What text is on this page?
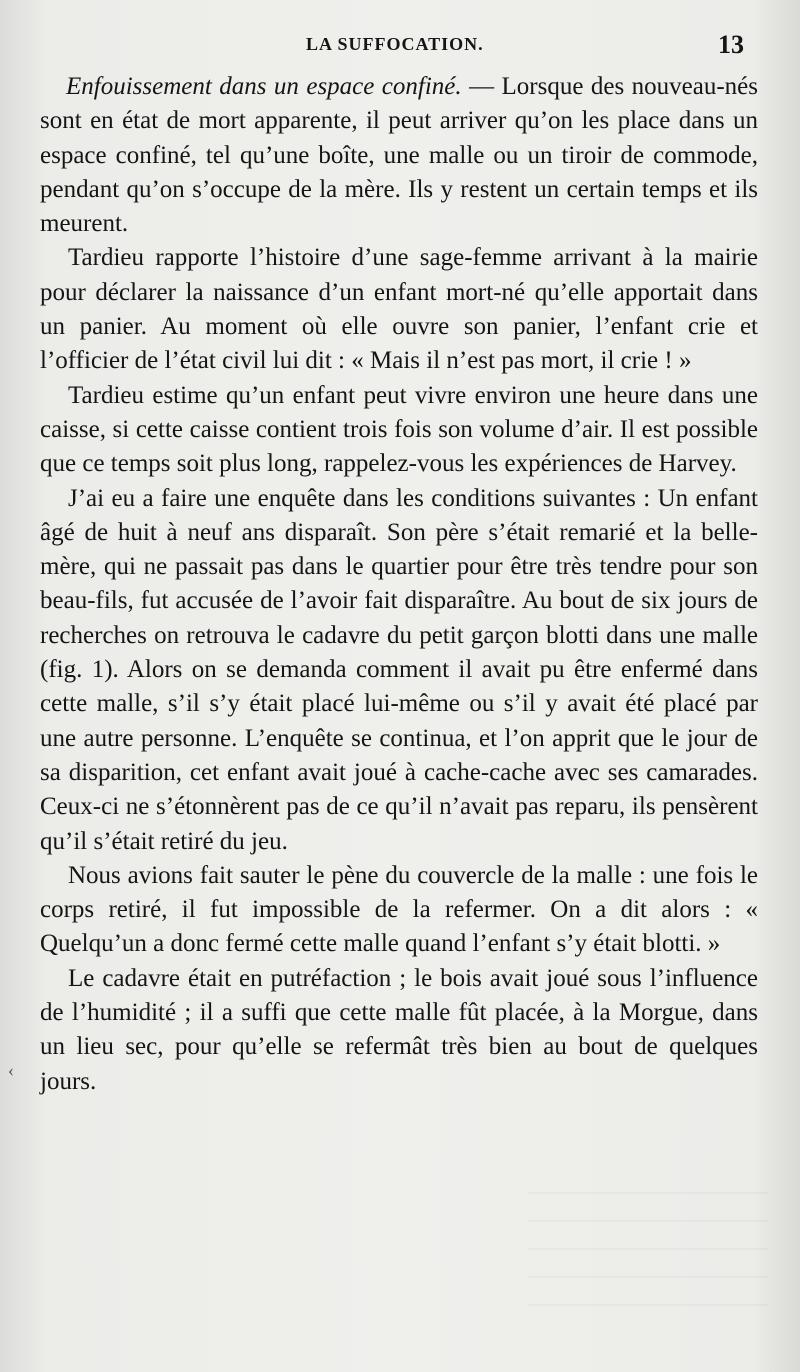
LA SUFFOCATION.	13

Enfouissement dans un espace confiné. — Lorsque des nouveau-nés sont en état de mort apparente, il peut arriver qu’on les place dans un espace confiné, tel qu’une boîte, une malle ou un tiroir de commode, pendant qu’on s’occupe de la mère. Ils y restent un certain temps et ils meurent.

Tardieu rapporte l’histoire d’une sage-femme arrivant à la mairie pour déclarer la naissance d’un enfant mort-né qu’elle apportait dans un panier. Au moment où elle ouvre son panier, l’enfant crie et l’officier de l’état civil lui dit : « Mais il n’est pas mort, il crie ! »

Tardieu estime qu’un enfant peut vivre environ une heure dans une caisse, si cette caisse contient trois fois son volume d’air. Il est possible que ce temps soit plus long, rappelez-vous les expériences de Harvey.

J’ai eu a faire une enquête dans les conditions suivantes : Un enfant âgé de huit à neuf ans disparaît. Son père s’était remarié et la belle-mère, qui ne passait pas dans le quartier pour être très tendre pour son beau-fils, fut accusée de l’avoir fait disparaître. Au bout de six jours de recherches on retrouva le cadavre du petit garçon blotti dans une malle (fig. 1). Alors on se demanda comment il avait pu être enfermé dans cette malle, s’il s’y était placé lui-même ou s’il y avait été placé par une autre personne. L’enquête se continua, et l’on apprit que le jour de sa disparition, cet enfant avait joué à cache-cache avec ses camarades. Ceux-ci ne s’étonnèrent pas de ce qu’il n’avait pas reparu, ils pensèrent qu’il s’était retiré du jeu.

Nous avions fait sauter le pène du couvercle de la malle : une fois le corps retiré, il fut impossible de la refermer. On a dit alors : « Quelqu’un a donc fermé cette malle quand l’enfant s’y était blotti. »

Le cadavre était en putréfaction ; le bois avait joué sous l’influence de l’humidité ; il a suffi que cette malle fût placée, à la Morgue, dans un lieu sec, pour qu’elle se refermât très bien au bout de quelques jours.

‹
